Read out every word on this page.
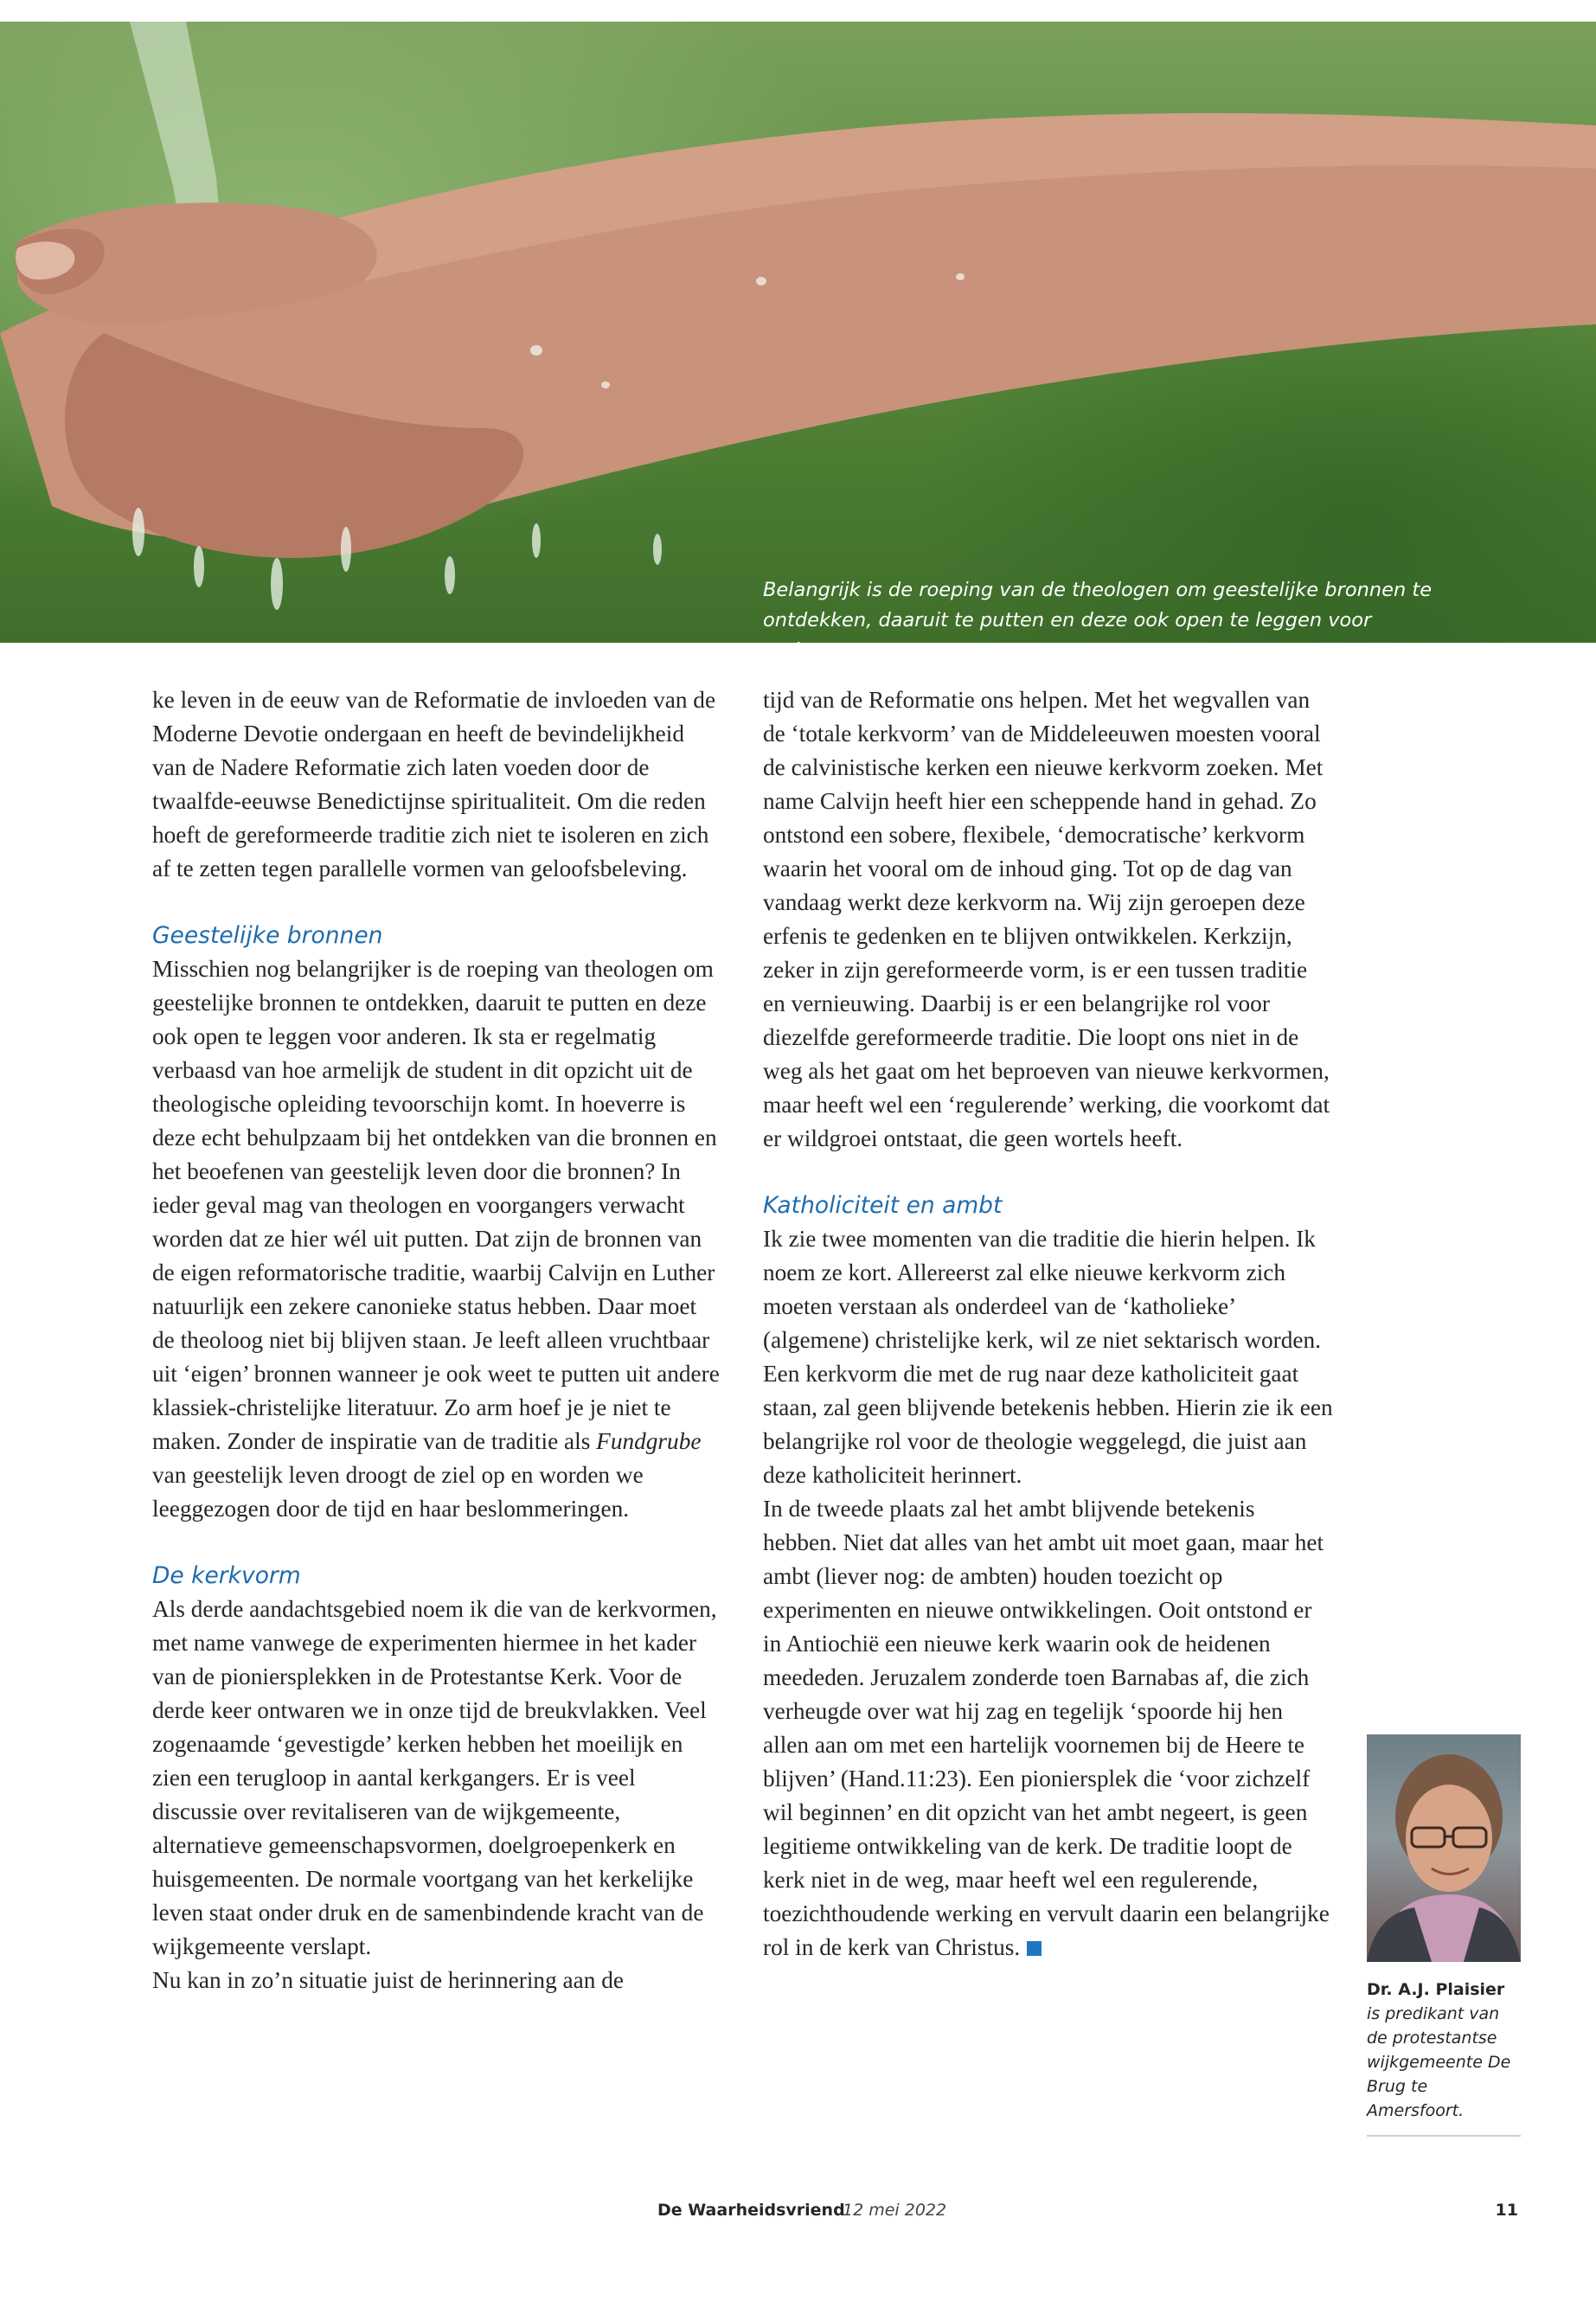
Belangrijk is de roeping van de theologen om geestelijke bronnen te ontdekken, daaruit te putten en deze ook open te leggen voor anderen.

ke leven in de eeuw van de Reformatie de invloeden van de Moderne Devotie ondergaan en heeft de bevindelijkheid van de Nadere Reformatie zich laten voeden door de twaalfde-eeuwse Benedictijnse spiritualiteit. Om die reden hoeft de gereformeerde traditie zich niet te isoleren en zich af te zetten tegen parallelle vormen van geloofsbeleving.

Geestelijke bronnen

Misschien nog belangrijker is de roeping van theologen om geestelijke bronnen te ontdekken, daaruit te putten en deze ook open te leggen voor anderen. Ik sta er regelmatig verbaasd van hoe armelijk de student in dit opzicht uit de theologische opleiding tevoorschijn komt. In hoeverre is deze echt behulpzaam bij het ontdekken van die bronnen en het beoefenen van geestelijk leven door die bronnen? In ieder geval mag van theologen en voorgangers verwacht worden dat ze hier wél uit putten. Dat zijn de bronnen van de eigen reformatorische traditie, waarbij Calvijn en Luther natuurlijk een zekere canonieke status hebben. Daar moet de theoloog niet bij blijven staan. Je leeft alleen vruchtbaar uit ‘eigen’ bronnen wanneer je ook weet te putten uit andere klassiek-christelijke literatuur. Zo arm hoef je je niet te maken. Zonder de inspiratie van de traditie als Fundgrube van geestelijk leven droogt de ziel op en worden we leeggezogen door de tijd en haar beslommeringen.

De kerkvorm

Als derde aandachtsgebied noem ik die van de kerkvormen, met name vanwege de experimenten hiermee in het kader van de pioniersplekken in de Protestantse Kerk. Voor de derde keer ontwaren we in onze tijd de breukvlakken. Veel zogenaamde ‘gevestigde’ kerken hebben het moeilijk en zien een terugloop in aantal kerkgangers. Er is veel discussie over revitaliseren van de wijkgemeente, alternatieve gemeenschapsvormen, doelgroepenkerk en huisgemeenten. De normale voortgang van het kerkelijke leven staat onder druk en de samenbindende kracht van de wijkgemeente verslapt.

Nu kan in zo’n situatie juist de herinnering aan de

tijd van de Reformatie ons helpen. Met het wegvallen van de ‘totale kerkvorm’ van de Middeleeuwen moesten vooral de calvinistische kerken een nieuwe kerkvorm zoeken. Met name Calvijn heeft hier een scheppende hand in gehad. Zo ontstond een sobere, flexibele, ‘democratische’ kerkvorm waarin het vooral om de inhoud ging. Tot op de dag van vandaag werkt deze kerkvorm na. Wij zijn geroepen deze erfenis te gedenken en te blijven ontwikkelen. Kerkzijn, zeker in zijn gereformeerde vorm, is er een tussen traditie en vernieuwing. Daarbij is er een belangrijke rol voor diezelfde gereformeerde traditie. Die loopt ons niet in de weg als het gaat om het beproeven van nieuwe kerkvormen, maar heeft wel een ‘regulerende’ werking, die voorkomt dat er wildgroei ontstaat, die geen wortels heeft.

Katholiciteit en ambt

Ik zie twee momenten van die traditie die hierin helpen. Ik noem ze kort. Allereerst zal elke nieuwe kerkvorm zich moeten verstaan als onderdeel van de ‘katholieke’ (algemene) christelijke kerk, wil ze niet sektarisch worden. Een kerkvorm die met de rug naar deze katholiciteit gaat staan, zal geen blijvende betekenis hebben. Hierin zie ik een belangrijke rol voor de theologie weggelegd, die juist aan deze katholiciteit herinnert.

In de tweede plaats zal het ambt blijvende betekenis hebben. Niet dat alles van het ambt uit moet gaan, maar het ambt (liever nog: de ambten) houden toezicht op experimenten en nieuwe ontwikkelingen. Ooit ontstond er in Antiochië een nieuwe kerk waarin ook de heidenen meededen. Jeruzalem zonderde toen Barnabas af, die zich verheugde over wat hij zag en tegelijk ‘spoorde hij hen allen aan om met een hartelijk voornemen bij de Heere te blijven’ (Hand.11:23). Een pioniersplek die ‘voor zichzelf wil beginnen’ en dit opzicht van het ambt negeert, is geen legitieme ontwikkeling van de kerk. De traditie loopt de kerk niet in de weg, maar heeft wel een regulerende, toezichthoudende werking en vervult daarin een belangrijke rol in de kerk van Christus.

Dr. A.J. Plaisier

is predikant van de protestantse wijkgemeente De Brug te Amersfoort.

De Waarheidsvriend
12 mei 2022	11
